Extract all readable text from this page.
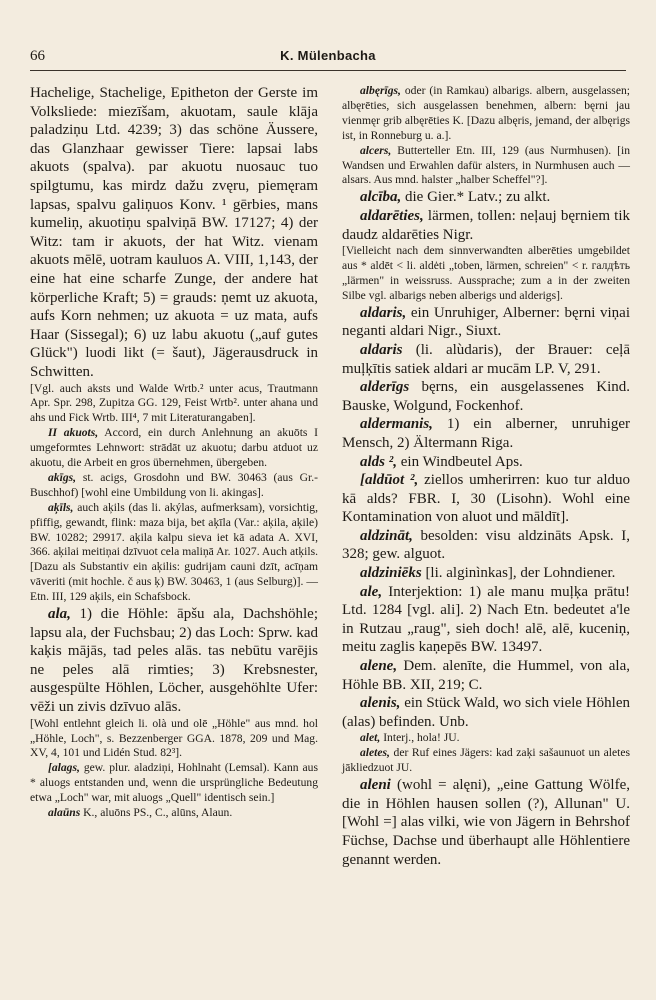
66	K. Mülenbacha

Hachelige, Stachelige, Epitheton der Gerste im Volksliede: miezīšam, akuotam, saule klāja paladziņu Ltd. 4239; 3) das schöne Äussere, das Glanzhaar gewisser Tiere: lapsai labs akuots (spalva). par akuotu nuosauc tuo spilgtumu, kas mirdz dažu zvęru, piemęram lapsas, spalvu galiņuos Konv. ¹ gērbies, mans kumeliņ, akuotiņu spalviņā BW. 17127; 4) der Witz: tam ir akuots, der hat Witz. vienam akuots mēlē, uotram kauluos A. VIII, 1,143, der eine hat eine scharfe Zunge, der andere hat körperliche Kraft; 5) = grauds: ņemt uz akuota, aufs Korn nehmen; uz akuota = uz mata, aufs Haar (Sissegal); 6) uz labu akuotu („auf gutes Glück") luodi likt (= šaut), Jägerausdruck in Schwitten.

[Vgl. auch aksts und Walde Wrtb.² unter acus, Trautmann Apr. Spr. 298, Zupitza GG. 129, Feist Wrtb². unter ahana und ahs und Fick Wrtb. III⁴, 7 mit Literaturangaben].

II akuots, Accord, ein durch Anlehnung an akuōts I umgeformtes Lehnwort: strādāt uz akuotu; darbu atduot uz akuotu, die Arbeit en gros übernehmen, übergeben.

akīgs, st. acigs, Grosdohn und BW. 30463 (aus Gr.-Buschhof) [wohl eine Umbildung von li. akingas].

aķīls, auch aķils (das li. akýlas, aufmerksam), vorsichtig, pfiffig, gewandt, flink: maza bija, bet aķīla (Var.: aķila, aķile) BW. 10282; 29917. aķila kalpu sieva iet kā adata A. XVI, 366. aķilai meitiņai dzīvuot cela maliņā Ar. 1027. Auch atķils. [Dazu als Substantiv ein aķilis: gudrijam cauni dzīt, acīņam vāveriti (mit hochle. č aus ķ) BW. 30463, 1 (aus Selburg)]. — Etn. III, 129 aķils, ein Schafsbock.

ala, 1) die Höhle: āpšu ala, Dachshöhle; lapsu ala, der Fuchsbau; 2) das Loch: Sprw. kad kaķis mājās, tad peles alās. tas nebūtu varējis ne peles alā rimties; 3) Krebsnester, ausgespülte Höhlen, Löcher, ausgehöhlte Ufer: vēži un zivis dzīvuo alās.

[Wohl entlehnt gleich li. olà und olē „Höhle" aus mnd. hol „Höhle, Loch", s. Bezzenberger GGA. 1878, 209 und Mag. XV, 4, 101 und Lidén Stud. 82³].

[alags, gew. plur. aladziņi, Hohlnaht (Lemsal). Kann aus * aluogs entstanden und, wenn die ursprüngliche Bedeutung etwa „Loch" war, mit aluogs „Quell" identisch sein.]

alaūns K., aluōns PS., C., alūns, Alaun.

albęrīgs, oder (in Ramkau) albarigs. albern, ausgelassen; albęrēties, sich ausgelassen benehmen, albern: bęrni jau vienmęr grib albęrēties K. [Dazu albęris, jemand, der albęrigs ist, in Ronneburg u. a.].

alcers, Butterteller Etn. III, 129 (aus Nurmhusen). [in Wandsen und Erwahlen dafür alsters, in Nurmhusen auch — alsars. Aus mnd. halster „halber Scheffel"?].

alcība, die Gier.* Latv.; zu alkt.

aldarēties, lärmen, tollen: neļauj bęrniem tik daudz aldarēties Nigr.

[Vielleicht nach dem sinnverwandten alberēties umgebildet aus * aldēt < li. aldėti „toben, lärmen, schreien" < r. галдѣть „lärmen" in weissruss. Aussprache; zum a in der zweiten Silbe vgl. albarigs neben alberigs und alderigs].

aldaris, ein Unruhiger, Alberner: bęrni viņai neganti aldari Nigr., Siuxt.

aldaris (li. alùdaris), der Brauer: ceļā muļķītis satiek aldari ar mucām LP. V, 291.

alderīgs bęrns, ein ausgelassenes Kind. Bauske, Wolgund, Fockenhof.

aldermanis, 1) ein alberner, unruhiger Mensch, 2) Ältermann Riga.

alds ², ein Windbeutel Aps.

[aldūot ², ziellos umherirren: kuo tur alduo kā alds? FBR. I, 30 (Lisohn). Wohl eine Kontamination von aluot und māldīt].

aldzināt, besolden: visu aldzināts Apsk. I, 328; gew. alguot.

aldziniēks [li. alginìnkas], der Lohndiener.

ale, Interjektion: 1) ale manu muļķa prātu! Ltd. 1284 [vgl. ali]. 2) Nach Etn. bedeutet a'le in Rutzau „raug", sieh doch! alē, alē, kuceniņ, meitu zaglis kaņepēs BW. 13497.

alene, Dem. alenīte, die Hummel, von ala, Höhle BB. XII, 219; C.

alenis, ein Stück Wald, wo sich viele Höhlen (alas) befinden. Unb.

alet, Interj., hola! JU.

aletes, der Ruf eines Jägers: kad zaķi sašaunuot un aletes jākliedzuot JU.

aleni (wohl = alęni), „eine Gattung Wölfe, die in Höhlen hausen sollen (?), Allunan" U. [Wohl =] alas vilki, wie von Jägern in Behrshof Füchse, Dachse und überhaupt alle Höhlentiere genannt werden.
